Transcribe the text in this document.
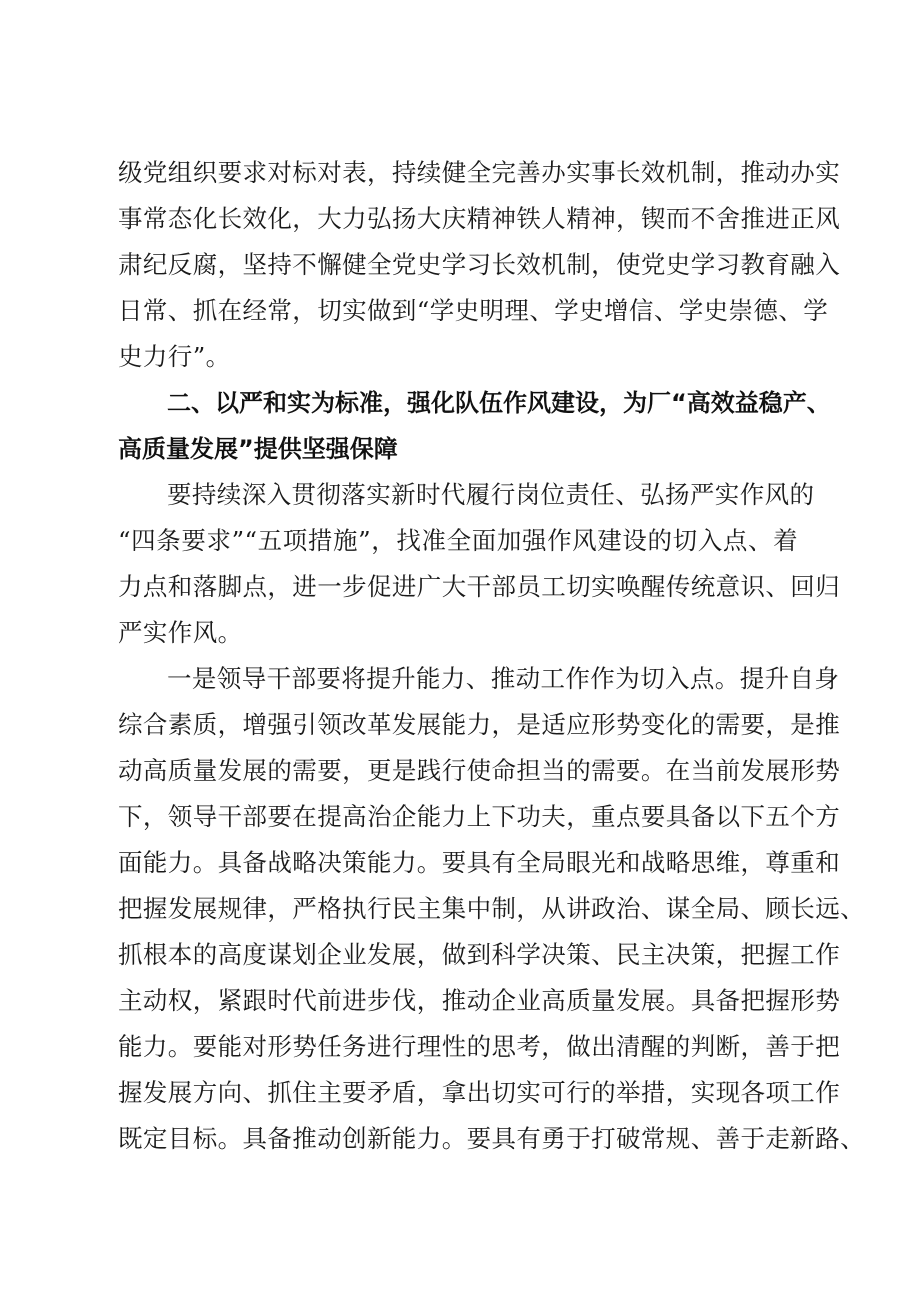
级党组织要求对标对表，持续健全完善办实事长效机制，推动办实
事常态化长效化，大力弘扬大庆精神铁人精神，锲而不舍推进正风
肃纪反腐，坚持不懈健全党史学习长效机制，使党史学习教育融入
日常、抓在经常，切实做到“学史明理、学史增信、学史崇德、学
史力行”。
二、以严和实为标准，强化队伍作风建设，为厂“高效益稳产、
高质量发展”提供坚强保障
要持续深入贯彻落实新时代履行岗位责任、弘扬严实作风的
“四条要求”“五项措施”，找准全面加强作风建设的切入点、着
力点和落脚点，进一步促进广大干部员工切实唤醒传统意识、回归
严实作风。
一是领导干部要将提升能力、推动工作作为切入点。提升自身
综合素质，增强引领改革发展能力，是适应形势变化的需要，是推
动高质量发展的需要，更是践行使命担当的需要。在当前发展形势
下，领导干部要在提高治企能力上下功夫，重点要具备以下五个方
面能力。具备战略决策能力。要具有全局眼光和战略思维，尊重和
把握发展规律，严格执行民主集中制，从讲政治、谋全局、顾长远、
抓根本的高度谋划企业发展，做到科学决策、民主决策，把握工作
主动权，紧跟时代前进步伐，推动企业高质量发展。具备把握形势
能力。要能对形势任务进行理性的思考，做出清醒的判断，善于把
握发展方向、抓住主要矛盾，拿出切实可行的举措，实现各项工作
既定目标。具备推动创新能力。要具有勇于打破常规、善于走新路、
